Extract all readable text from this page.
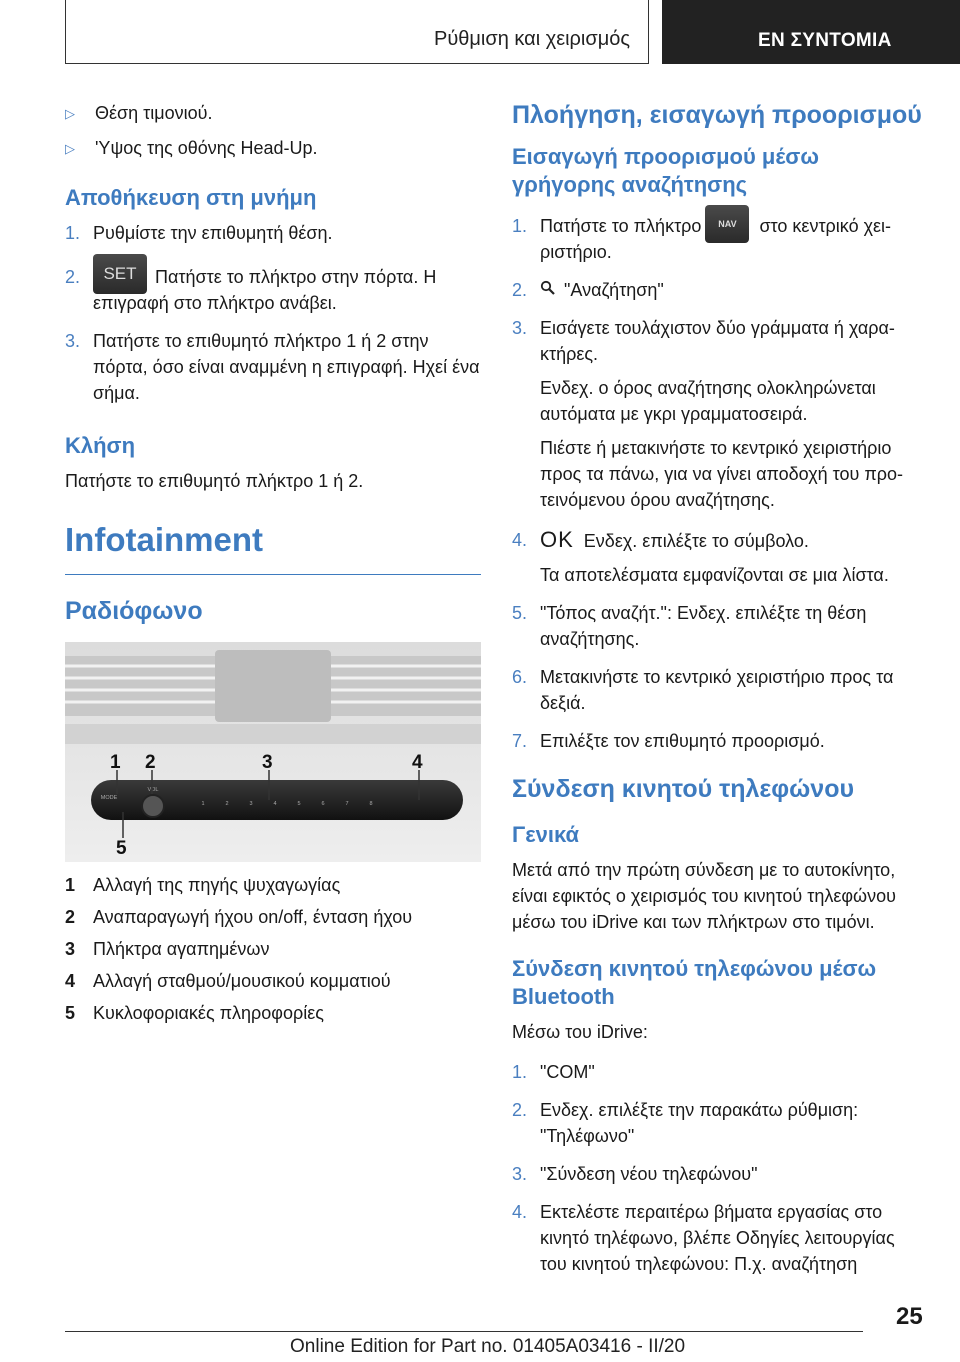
Ρύθμιση και χειρισμός	ΕΝ ΣΥΝΤΟΜΙΑ
▷	Θέση τιμονιού.
▷	'Υψος της οθόνης Head-Up.
Αποθήκευση στη μνήμη
1. Ρυθμίστε την επιθυμητή θέση.
2.	SET Πατήστε το πλήκτρο στην πόρτα. Η επιγραφή στο πλήκτρο ανάβει.
3. Πατήστε το επιθυμητό πλήκτρο 1 ή 2 στην πόρτα, όσο είναι αναμμένη η επιγραφή. Ηχεί ένα σήμα.
Κλήση
Πατήστε το επιθυμητό πλήκτρο 1 ή 2.
Infotainment
Ραδιόφωνο
MODE
VOL
1	2	3	4	5	6	7	8
1 2	3	4
5
1 Αλλαγή της πηγής ψυχαγωγίας
2 Αναπαραγωγή ήχου on/off, ένταση ήχου
3 Πλήκτρα αγαπημένων
4 Αλλαγή σταθμού/μουσικού κομματιού
5 Κυκλοφοριακές πληροφορίες
Πλοήγηση, εισαγωγή προορισμού
Εισαγωγή προορισμού μέσω γρήγορης αναζήτησης
1. Πατήστε το πλήκτρο NAV στο κεντρικό χει-ριστήριο.
2.	"Αναζήτηση"
3. Εισάγετε τουλάχιστον δύο γράμματα ή χαρα-κτήρες.
Ενδεχ. ο όρος αναζήτησης ολοκληρώνεται αυτόματα με γκρι γραμματοσειρά.
Πιέστε ή μετακινήστε το κεντρικό χειριστήριο προς τα πάνω, για να γίνει αποδοχή του προ-τεινόμενου όρου αναζήτησης.
4. OK Ενδεχ. επιλέξτε το σύμβολο.
Τα αποτελέσματα εμφανίζονται σε μια λίστα.
5. "Τόπος αναζήτ.": Ενδεχ. επιλέξτε τη θέση αναζήτησης.
6. Μετακινήστε το κεντρικό χειριστήριο προς τα δεξιά.
7. Επιλέξτε τον επιθυμητό προορισμό.
Σύνδεση κινητού τηλεφώνου
Γενικά
Μετά από την πρώτη σύνδεση με το αυτοκίνητο, είναι εφικτός ο χειρισμός του κινητού τηλεφώνου μέσω του iDrive και των πλήκτρων στο τιμόνι.
Σύνδεση κινητού τηλεφώνου μέσω Bluetooth
Μέσω του iDrive:
1. "COM"
2. Ενδεχ. επιλέξτε την παρακάτω ρύθμιση: "Τηλέφωνο"
3. "Σύνδεση νέου τηλεφώνου"
4. Εκτελέστε περαιτέρω βήματα εργασίας στο κινητό τηλέφωνο, βλέπε Οδηγίες λειτουργίας του κινητού τηλεφώνου: Π.χ. αναζήτηση
25
Online Edition for Part no. 01405A03416 - II/20
